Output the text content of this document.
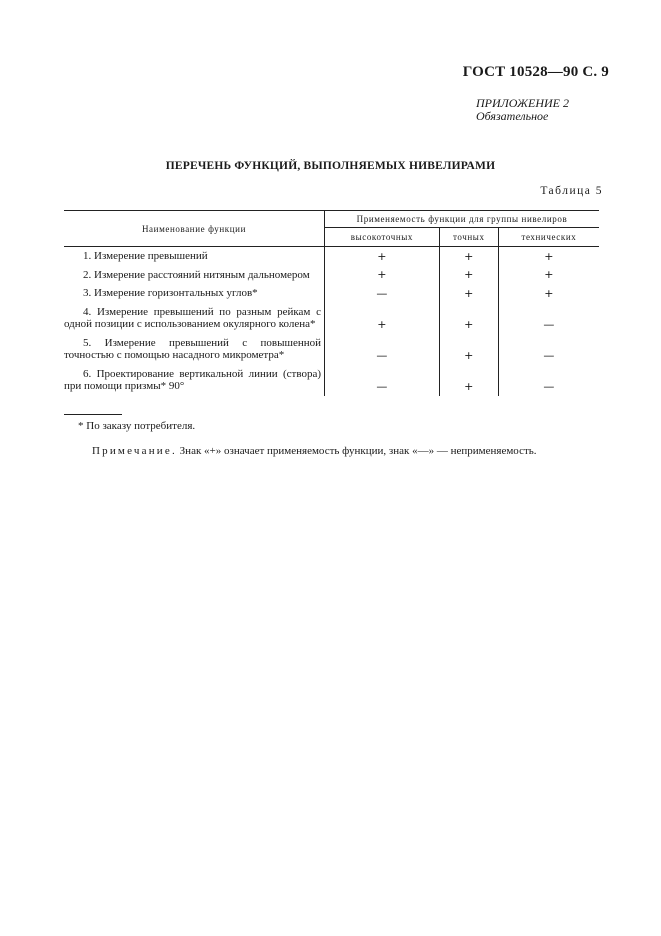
ГОСТ 10528—90 С. 9
ПРИЛОЖЕНИЕ 2
Обязательное
ПЕРЕЧЕНЬ ФУНКЦИЙ, ВЫПОЛНЯЕМЫХ НИВЕЛИРАМИ
Таблица 5
Наименование функции	Применяемость функции для группы нивелиров		
	высокоточных	точных	технических
1. Измерение превышений	+	+	+
2. Измерение расстояний нитяным дальномером	+	+	+
3. Измерение горизонтальных углов*	—	+	+
4. Измерение превышений по разным рейкам с одной позиции с использованием окулярного колена*	+	+	—
5. Измерение превышений с повышенной точностью с помощью насадного микрометра*	—	+	—
6. Проектирование вертикальной линии (створа) при помощи призмы* 90°	—	+	—
* По заказу потребителя.
Примечание. Знак «+» означает применяемость функции, знак «—» — неприменяемость.
